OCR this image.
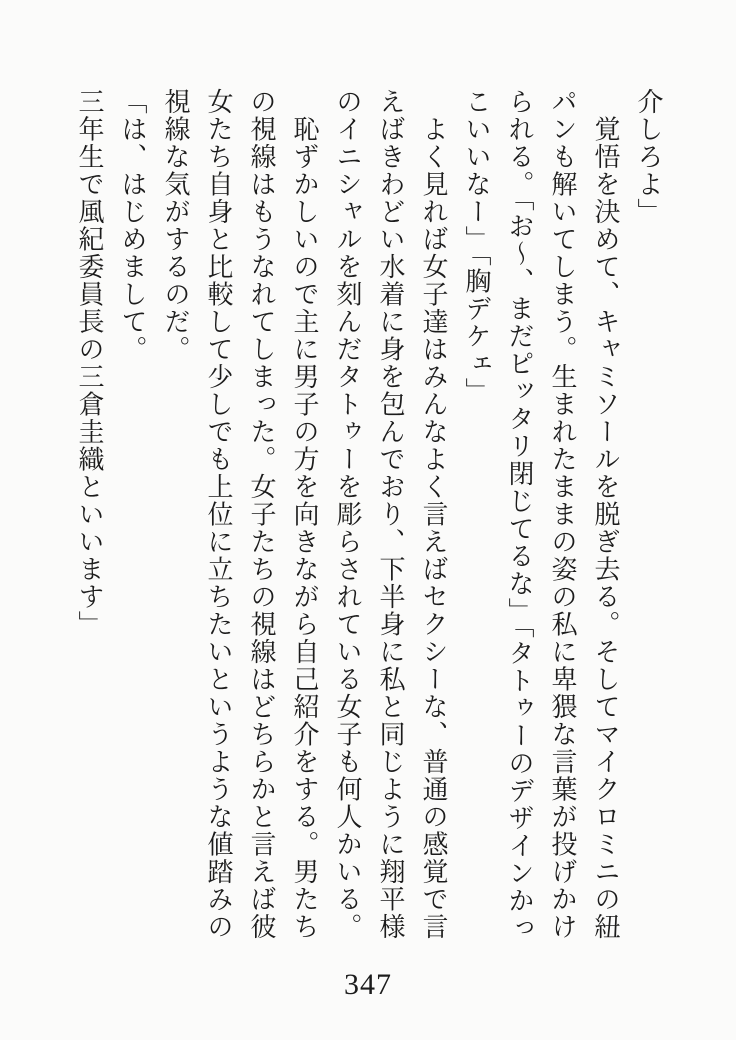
介しろよ」

　覚悟を決めて、キャミソールを脱ぎ去る。そしてマイクロミニの紐

パンも解いてしまう。生まれたままの姿の私に卑猥な言葉が投げかけ

られる。「お～、まだピッタリ閉じてるな」「タトゥーのデザインかっ

こいいなー」「胸デケェ」

　よく見れば女子達はみんなよく言えばセクシーな、普通の感覚で言

えばきわどい水着に身を包んでおり、下半身に私と同じように翔平様

のイニシャルを刻んだタトゥーを彫らされている女子も何人かいる。

　恥ずかしいので主に男子の方を向きながら自己紹介をする。男たち

の視線はもうなれてしまった。女子たちの視線はどちらかと言えば彼

女たち自身と比較して少しでも上位に立ちたいというような値踏みの

視線な気がするのだ。

「は、はじめまして。

三年生で風紀委員長の三倉圭織といいます」

347
